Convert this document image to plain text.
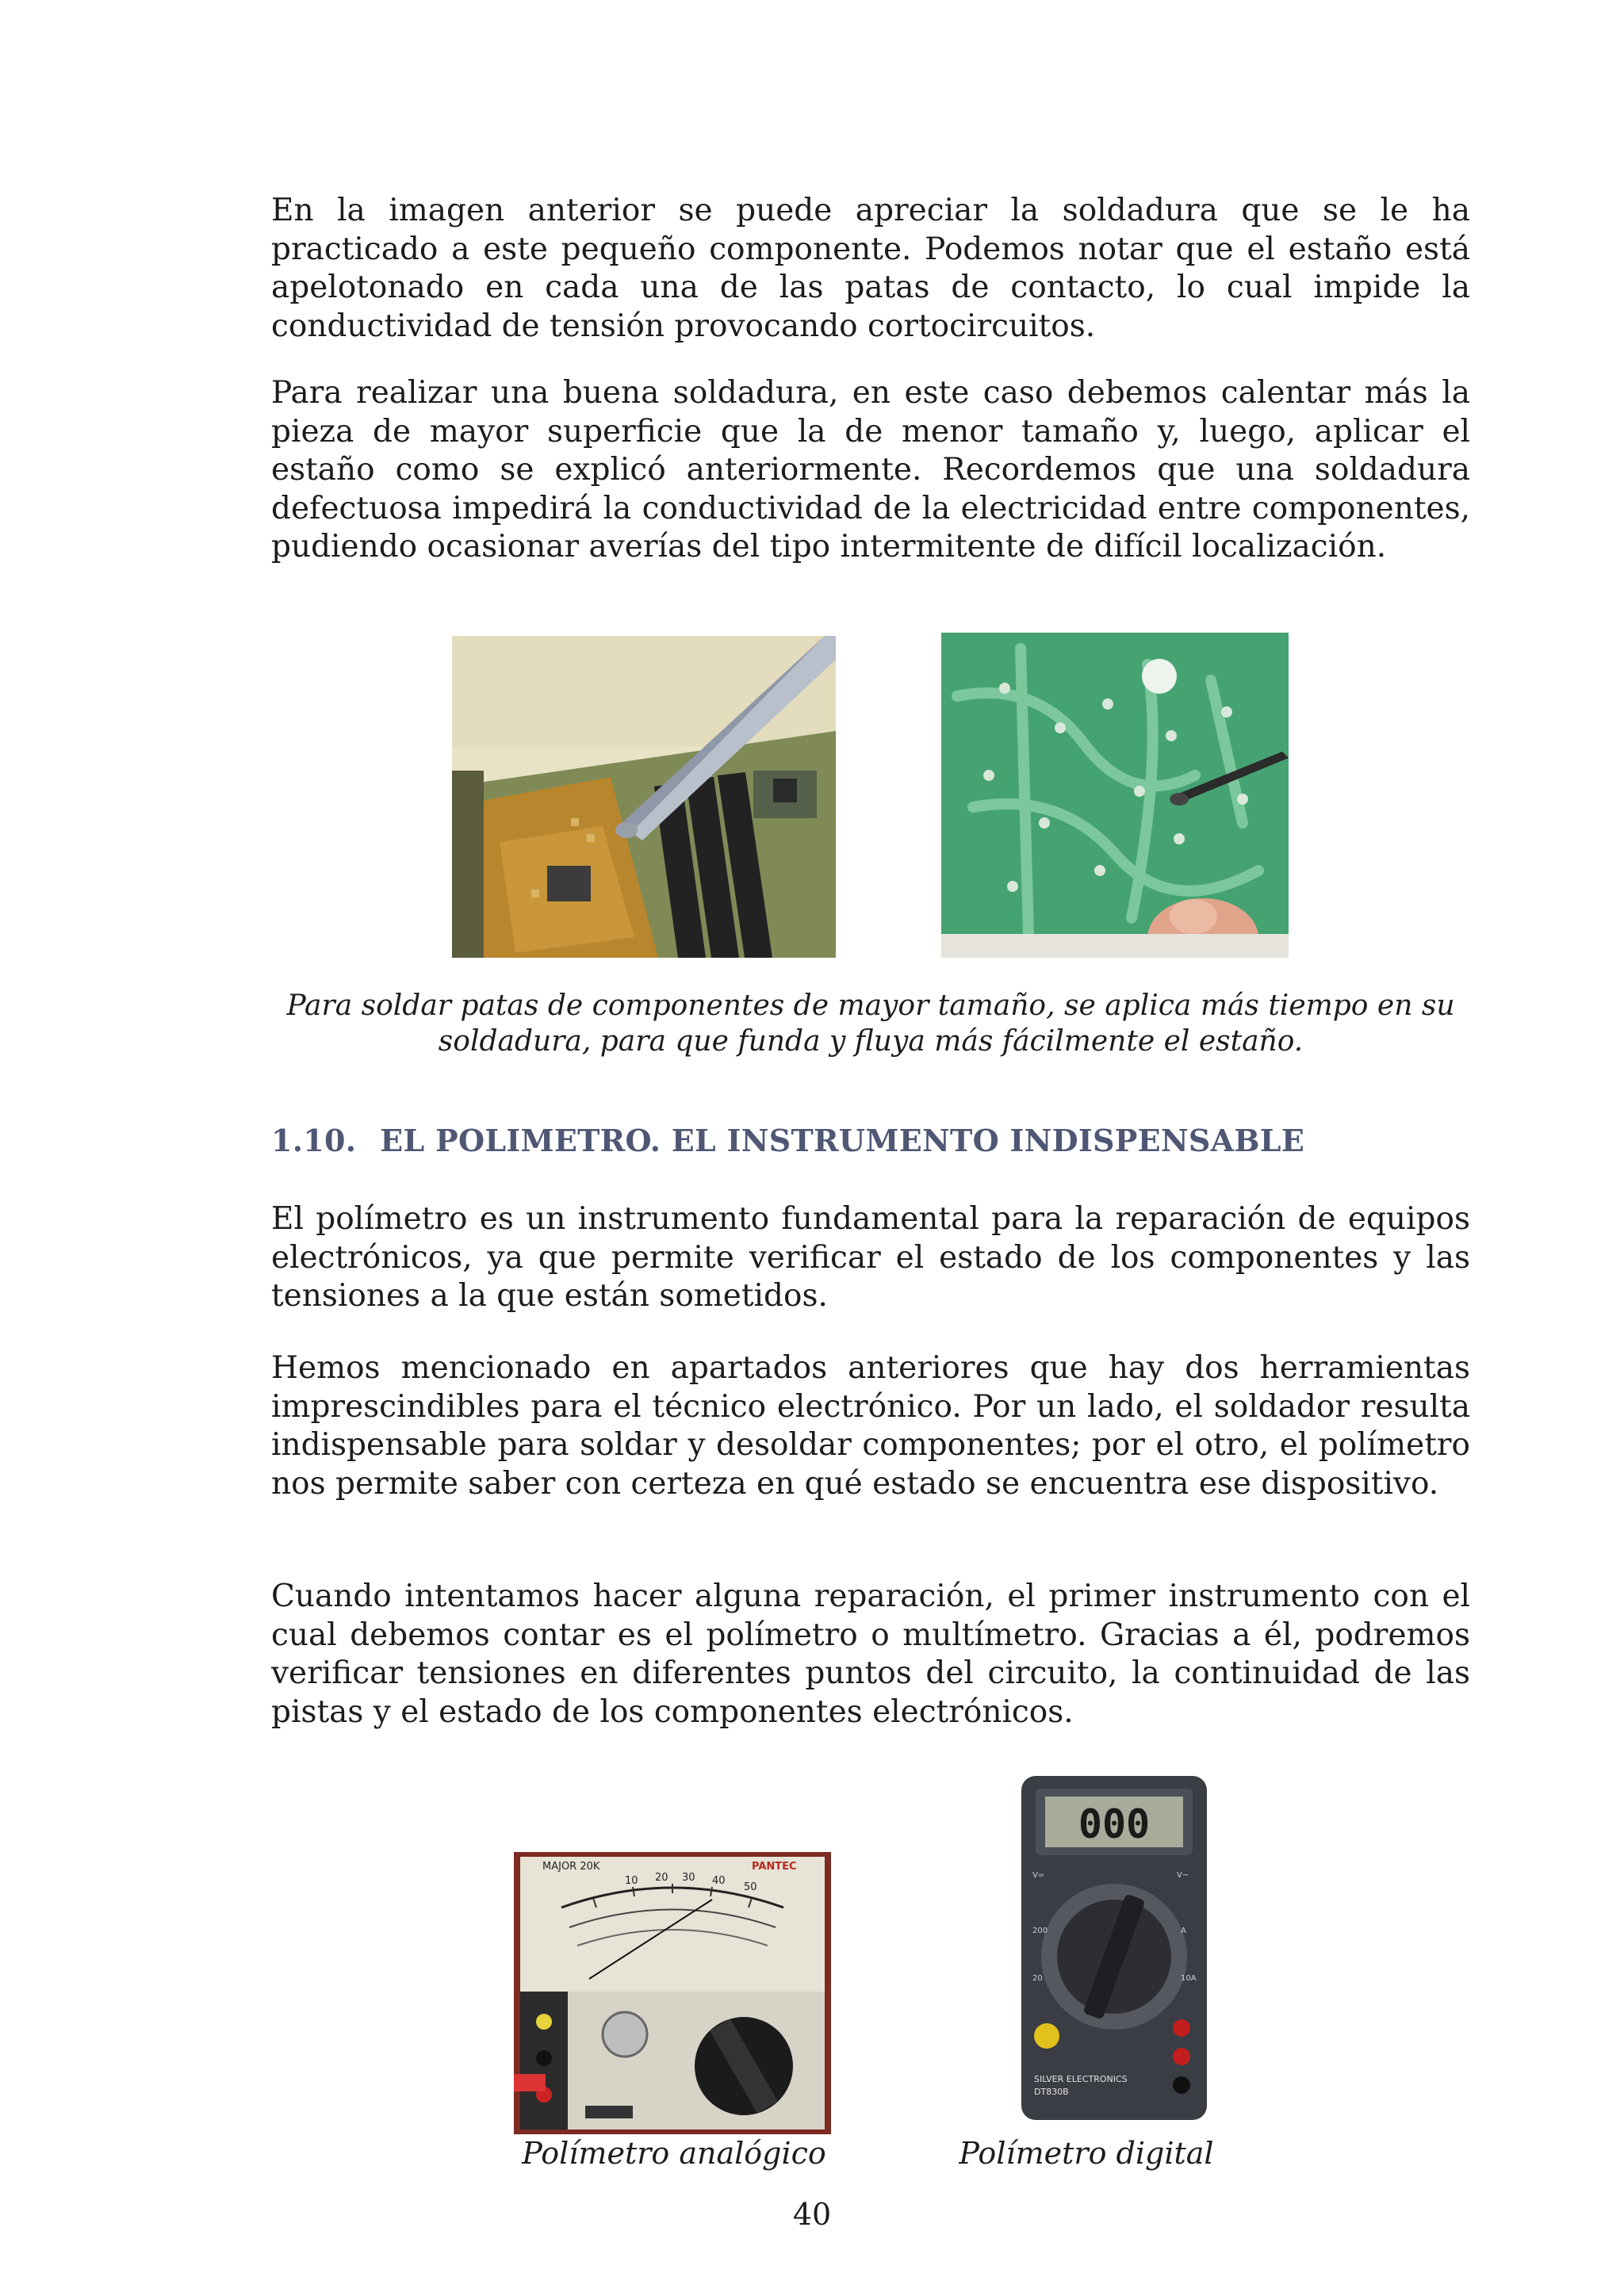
En la imagen anterior se puede apreciar la soldadura que se le ha practicado a este pequeño componente. Podemos notar que el estaño está apelotonado en cada una de las patas de contacto, lo cual impide la conductividad de tensión provocando cortocircuitos.

Para realizar una buena soldadura, en este caso debemos calentar más la pieza de mayor superficie que la de menor tamaño y, luego, aplicar el estaño como se explicó anteriormente. Recordemos que una soldadura defectuosa impedirá la conductividad de la electricidad entre componentes, pudiendo ocasionar averías del tipo intermitente de difícil localización.

Para soldar patas de componentes de mayor tamaño, se aplica más tiempo en su soldadura, para que funda y fluya más fácilmente el estaño.

1.10. EL POLIMETRO. EL INSTRUMENTO INDISPENSABLE

El polímetro es un instrumento fundamental para la reparación de equipos electrónicos, ya que permite verificar el estado de los componentes y las tensiones a la que están sometidos.

Hemos mencionado en apartados anteriores que hay dos herramientas imprescindibles para el técnico electrónico. Por un lado, el soldador resulta indispensable para soldar y desoldar componentes; por el otro, el polímetro nos permite saber con certeza en qué estado se encuentra ese dispositivo.

Cuando intentamos hacer alguna reparación, el primer instrumento con el cual debemos contar es el polímetro o multímetro. Gracias a él, podremos verificar tensiones en diferentes puntos del circuito, la continuidad de las pistas y el estado de los componentes electrónicos.

MAJOR 20K	PANTEC
10 20 30 40
50
000
V=	V~
200	A
20	10A
SILVER ELECTRONICS
DT830B

Polímetro analógico	Polímetro digital

40
